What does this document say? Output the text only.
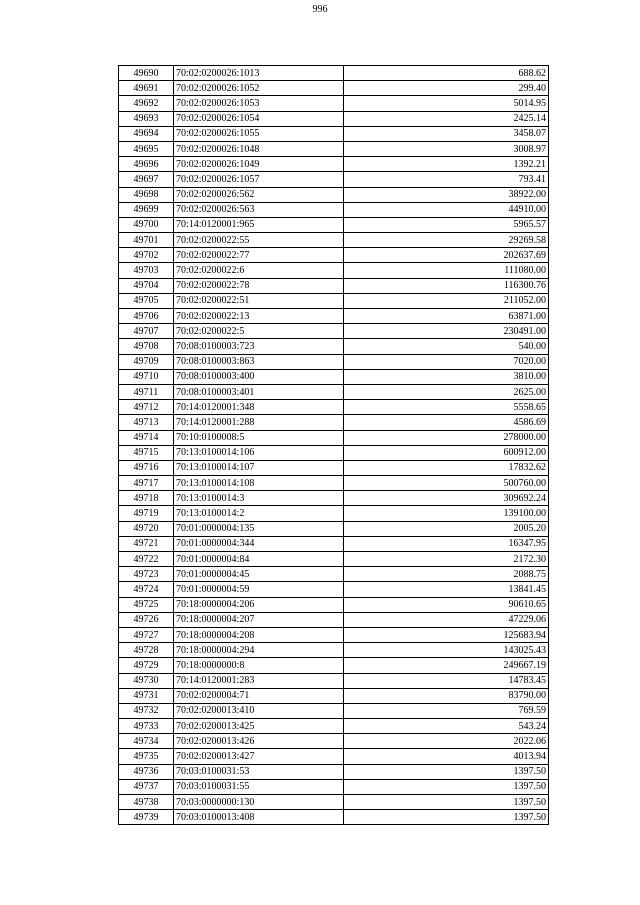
996
49690	70:02:0200026:1013	688.62
49691	70:02:0200026:1052	299.40
49692	70:02:0200026:1053	5014.95
49693	70:02:0200026:1054	2425.14
49694	70:02:0200026:1055	3458.07
49695	70:02:0200026:1048	3008.97
49696	70:02:0200026:1049	1392.21
49697	70:02:0200026:1057	793.41
49698	70:02:0200026:562	38922.00
49699	70:02:0200026:563	44910.00
49700	70:14:0120001:965	5965.57
49701	70:02:0200022:55	29269.58
49702	70:02:0200022:77	202637.69
49703	70:02:0200022:6	111080.00
49704	70:02:0200022:78	116300.76
49705	70:02:0200022:51	211052.00
49706	70:02:0200022:13	63871.00
49707	70:02:0200022:5	230491.00
49708	70:08:0100003:723	540.00
49709	70:08:0100003:863	7020.00
49710	70:08:0100003:400	3810.00
49711	70:08:0100003:401	2625.00
49712	70:14:0120001:348	5558.65
49713	70:14:0120001:288	4586.69
49714	70:10:0100008:5	278000.00
49715	70:13:0100014:106	600912.00
49716	70:13:0100014:107	17832.62
49717	70:13:0100014:108	500760.00
49718	70:13:0100014:3	309692.24
49719	70:13:0100014:2	139100.00
49720	70:01:0000004:135	2005.20
49721	70:01:0000004:344	16347.95
49722	70:01:0000004:84	2172.30
49723	70:01:0000004:45	2088.75
49724	70:01:0000004:59	13841.45
49725	70:18:0000004:206	90610.65
49726	70:18:0000004:207	47229.06
49727	70:18:0000004:208	125683.94
49728	70:18:0000004:294	143025.43
49729	70:18:0000000:8	249667.19
49730	70:14:0120001:283	14783.45
49731	70:02:0200004:71	83790.00
49732	70:02:0200013:410	769.59
49733	70:02:0200013:425	543.24
49734	70:02:0200013:426	2022.06
49735	70:02:0200013:427	4013.94
49736	70:03:0100031:53	1397.50
49737	70:03:0100031:55	1397.50
49738	70:03:0000000:130	1397.50
49739	70:03:0100013:408	1397.50
